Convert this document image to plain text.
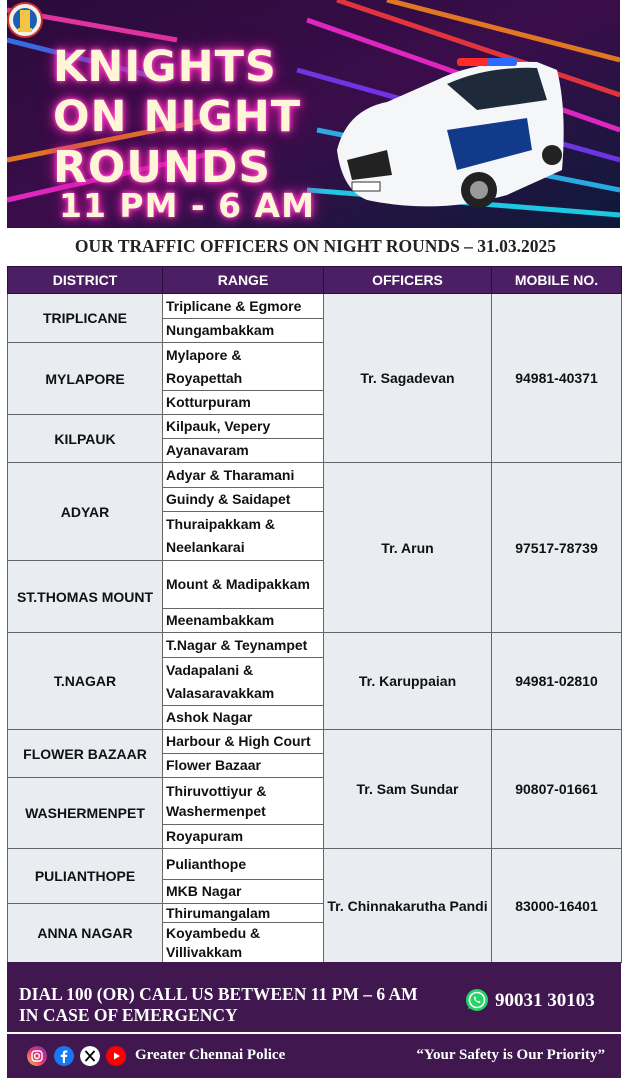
KNIGHTS
ON NIGHT
ROUNDS
11 PM - 6 AM
OUR TRAFFIC OFFICERS ON NIGHT ROUNDS – 31.03.2025
DISTRICT	RANGE	OFFICERS	MOBILE NO.
TRIPLICANE	Triplicane & Egmore	Tr. Sagadevan	94981-40371
	Nungambakkam		
MYLAPORE	Mylapore & Royapettah		
	Kotturpuram		
KILPAUK	Kilpauk, Vepery		
	Ayanavaram		

ADYAR	Adyar & Tharamani	Tr. Arun	97517-78739
	Guindy & Saidapet		
	Thuraipakkam & Neelankarai		
ST.THOMAS MOUNT	Mount & Madipakkam		
	Meenambakkam		
T.NAGAR	T.Nagar & Teynampet	Tr. Karuppaian	94981-02810
	Vadapalani & Valasaravakkam		
	Ashok Nagar		
FLOWER BAZAAR	Harbour & High Court	Tr. Sam Sundar	90807-01661
	Flower Bazaar		
WASHERMENPET	Thiruvottiyur & Washermenpet		
	Royapuram		
PULIANTHOPE	Pulianthope	Tr. Chinnakarutha Pandi	83000-16401
	MKB Nagar		
ANNA NAGAR	Thirumangalam		
	Koyambedu & Villivakkam		
DIAL 100 (OR) CALL US BETWEEN 11 PM – 6 AM
IN CASE OF EMERGENCY
90031 30103
Greater Chennai Police	“Your Safety is Our Priority”
